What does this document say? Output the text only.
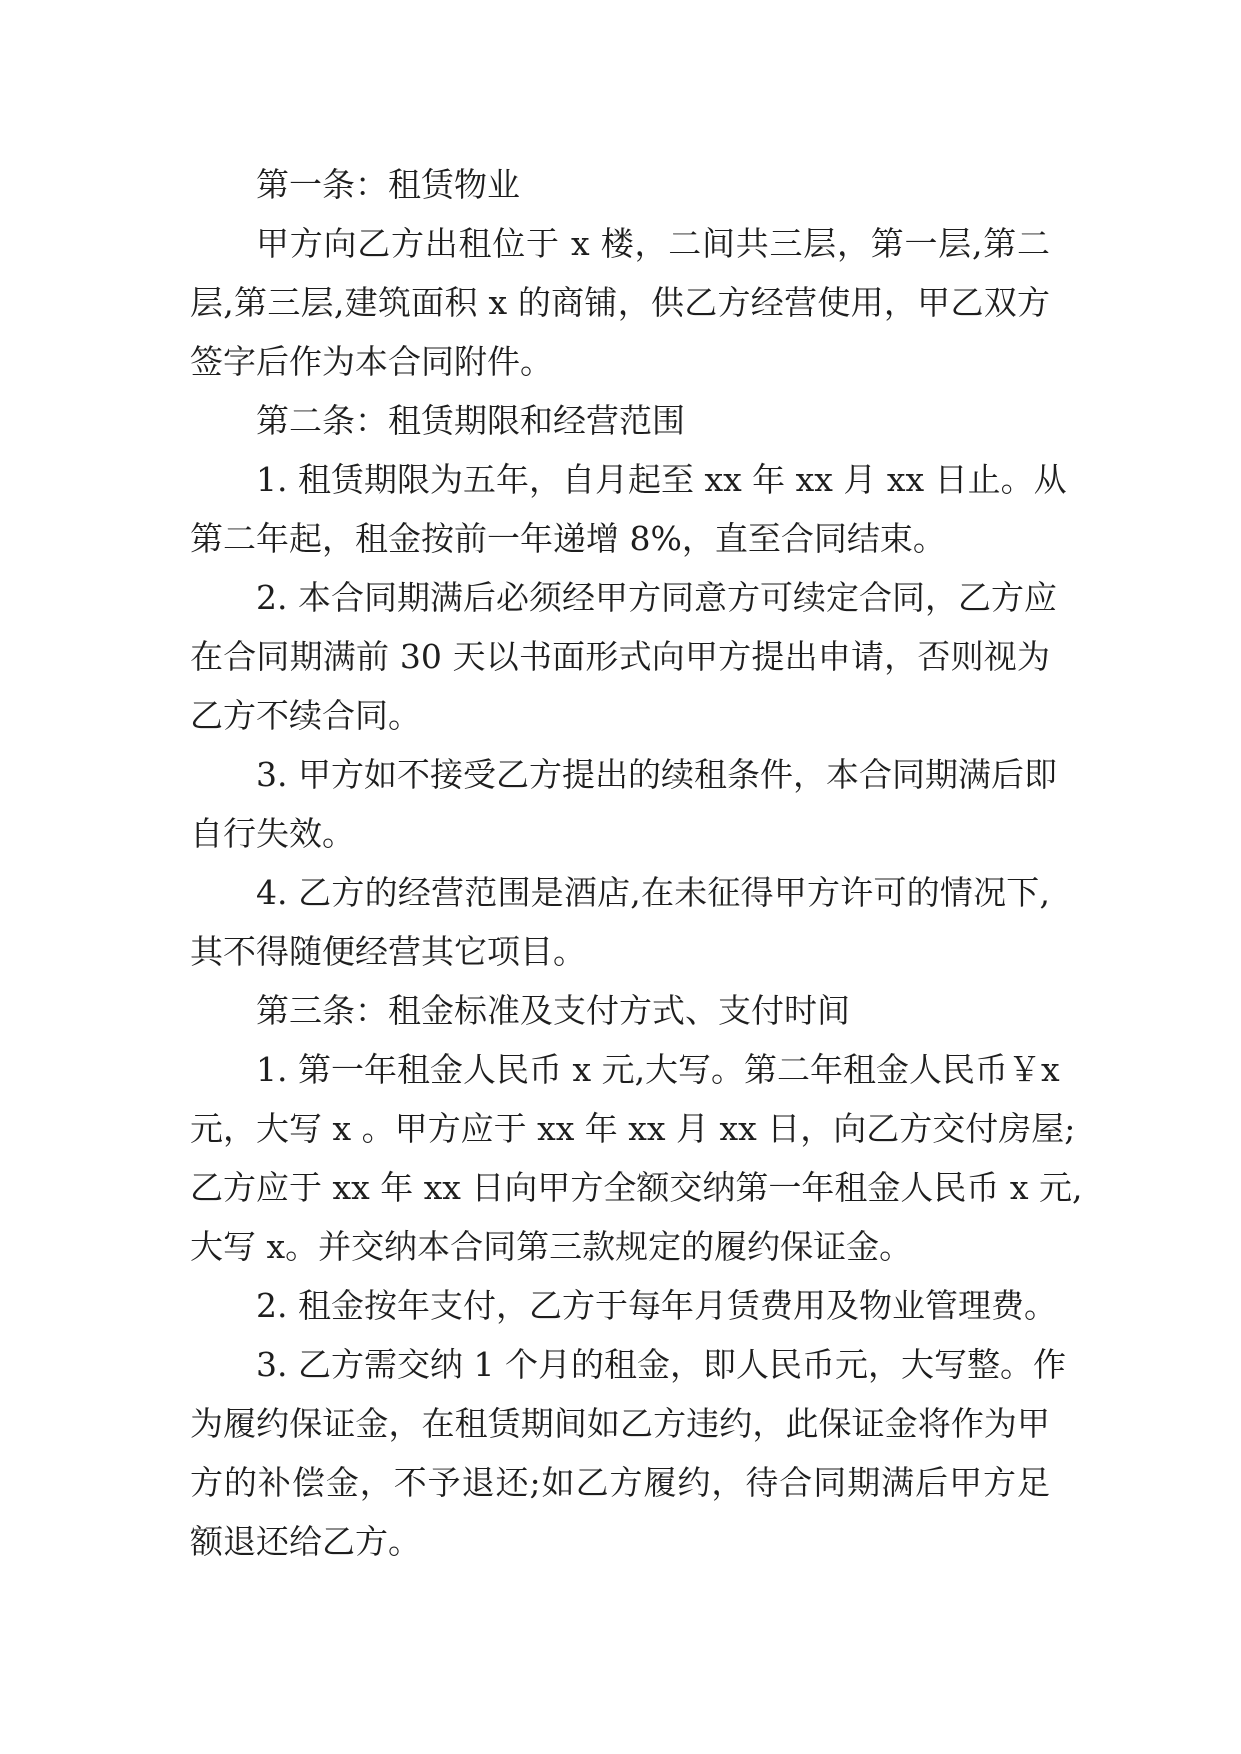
第一条：租赁物业
甲方向乙方出租位于 x 楼，二间共三层，第一层,第二
层,第三层,建筑面积 x 的商铺，供乙方经营使用，甲乙双方
签字后作为本合同附件。
第二条：租赁期限和经营范围
1. 租赁期限为五年，自月起至 xx 年 xx 月 xx 日止。从
第二年起，租金按前一年递增 8%，直至合同结束。
2. 本合同期满后必须经甲方同意方可续定合同，乙方应
在合同期满前 30 天以书面形式向甲方提出申请，否则视为
乙方不续合同。
3. 甲方如不接受乙方提出的续租条件，本合同期满后即
自行失效。
4. 乙方的经营范围是酒店,在未征得甲方许可的情况下,
其不得随便经营其它项目。
第三条：租金标准及支付方式、支付时间
1. 第一年租金人民币 x 元,大写。第二年租金人民币￥x
元，大写 x 。甲方应于 xx 年 xx 月 xx 日，向乙方交付房屋;
乙方应于 xx 年 xx 日向甲方全额交纳第一年租金人民币 x 元,
大写 x。并交纳本合同第三款规定的履约保证金。
2. 租金按年支付，乙方于每年月赁费用及物业管理费。
3. 乙方需交纳 1 个月的租金，即人民币元，大写整。作
为履约保证金，在租赁期间如乙方违约，此保证金将作为甲
方的补偿金，不予退还;如乙方履约，待合同期满后甲方足
额退还给乙方。
